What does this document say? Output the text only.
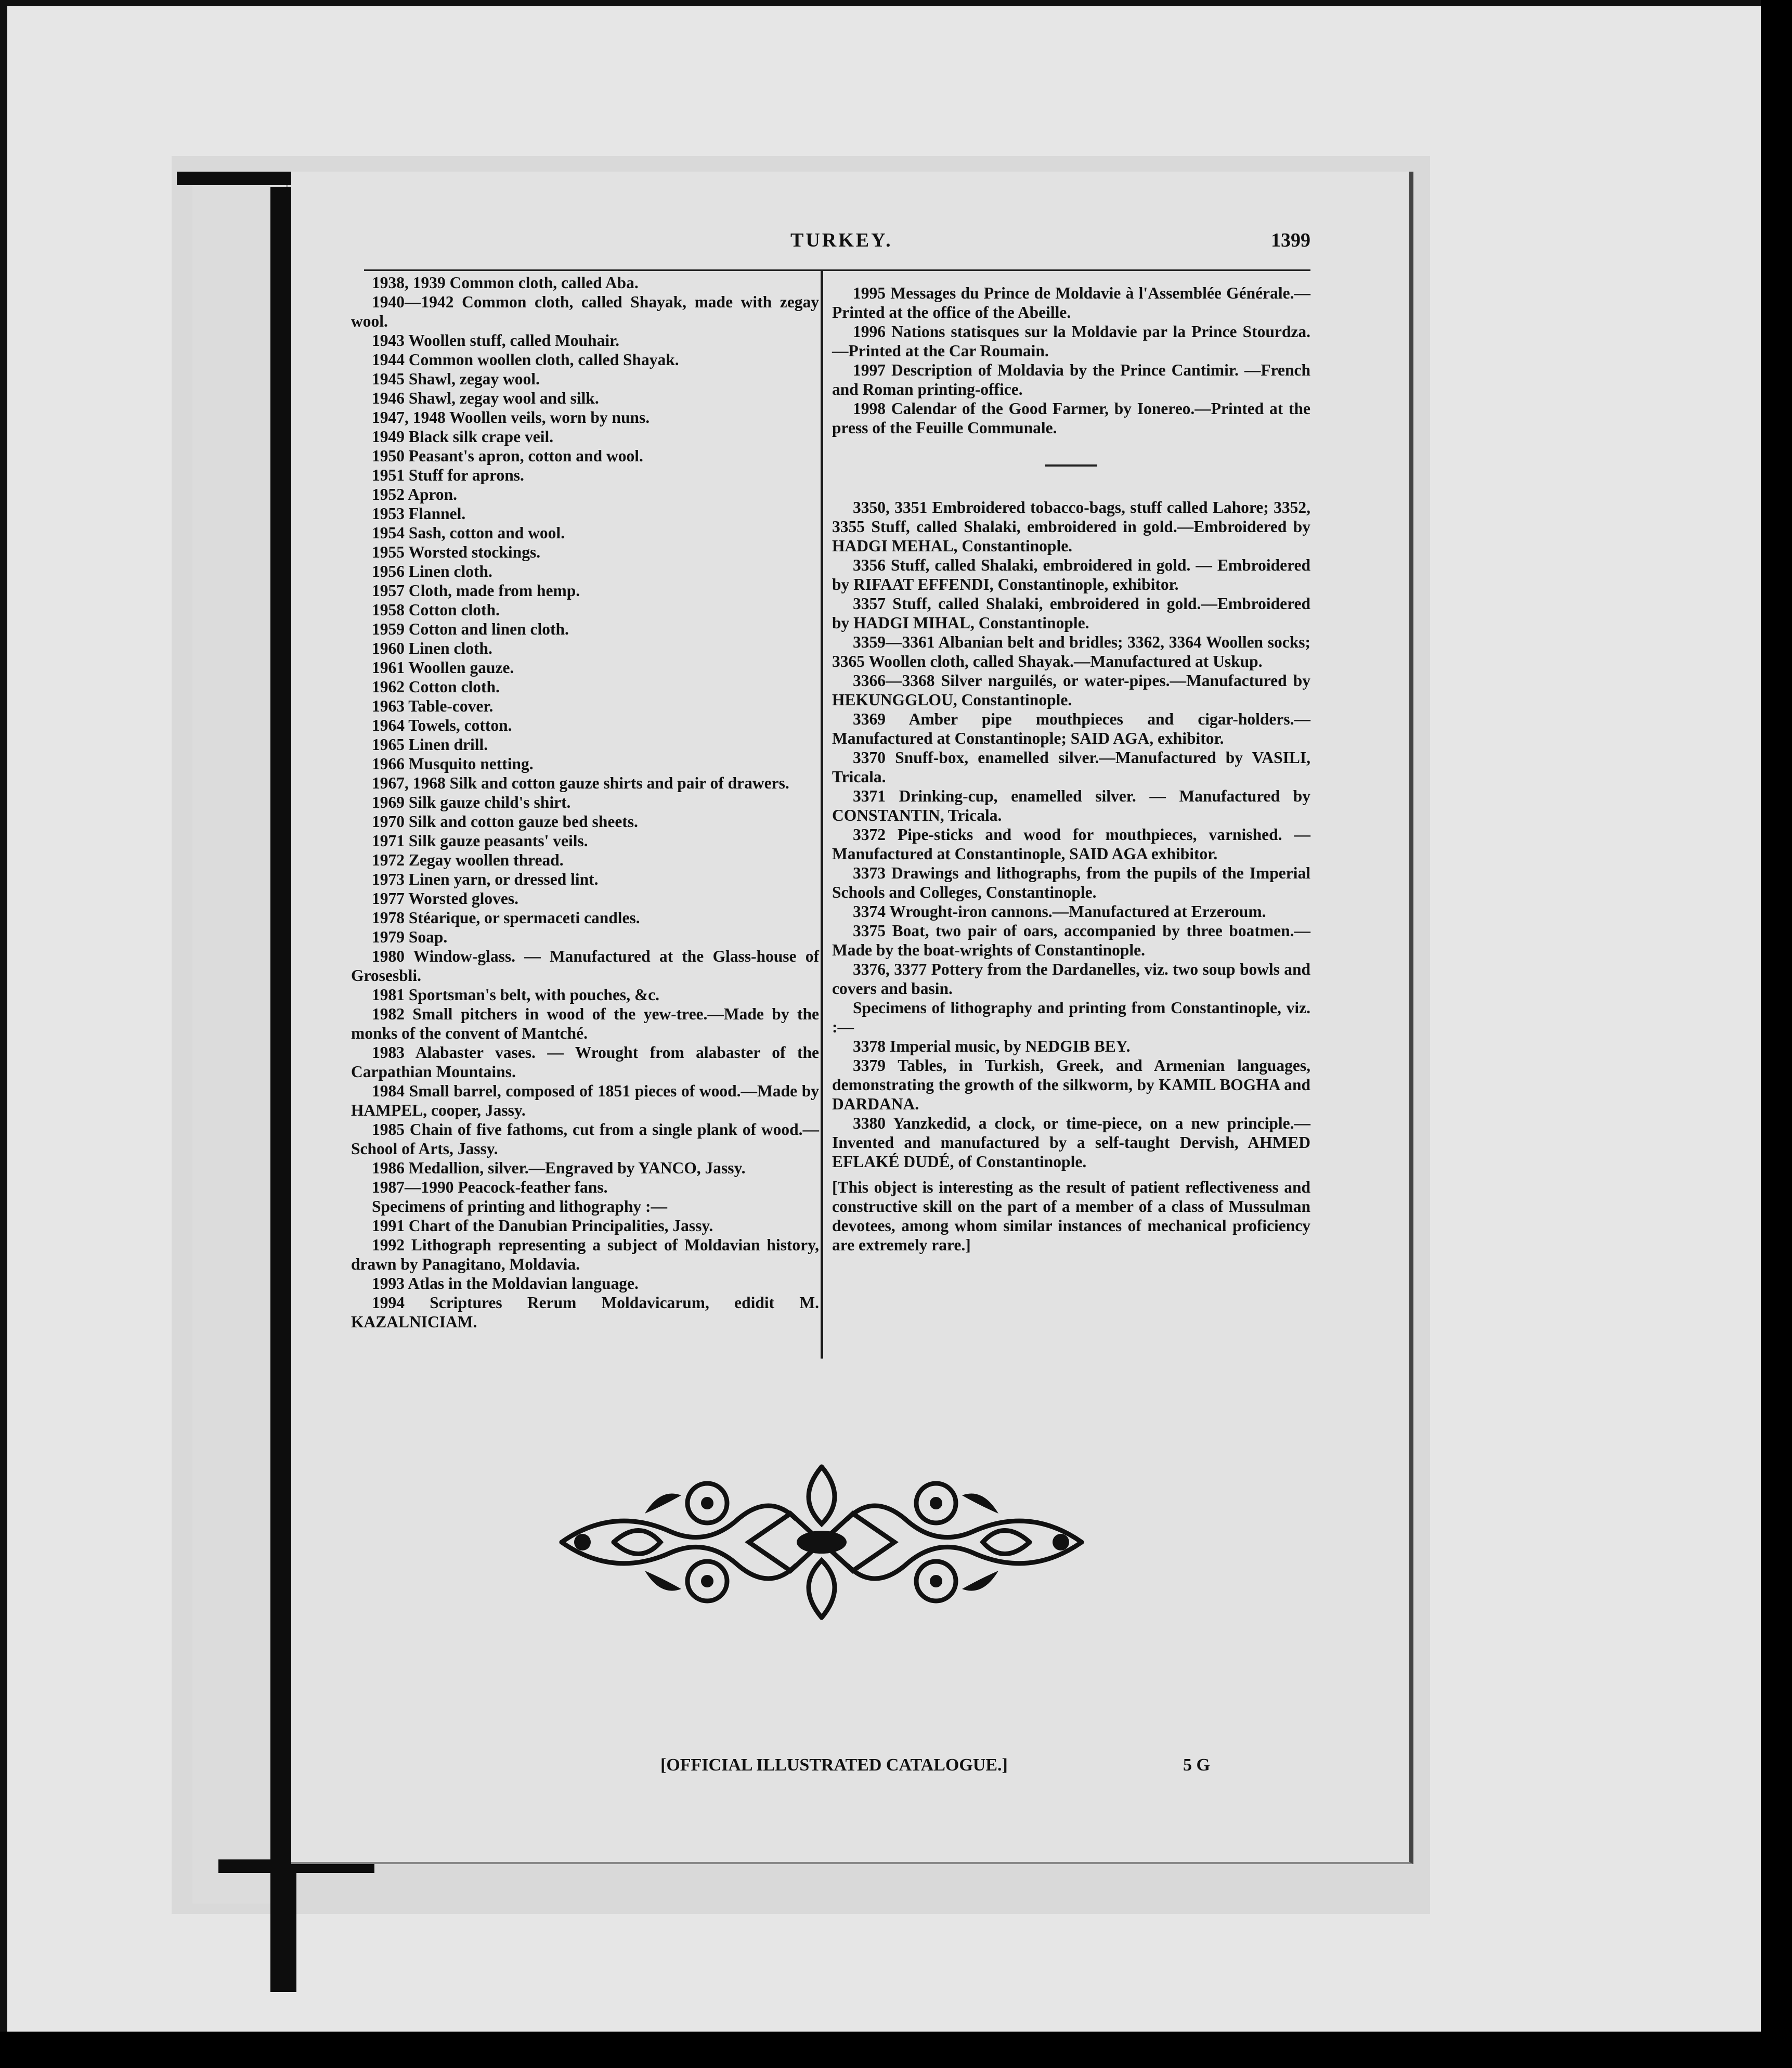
TURKEY.	1399

1938, 1939 Common cloth, called Aba.

1940—1942 Common cloth, called Shayak, made with zegay wool.

1943 Woollen stuff, called Mouhair.

1944 Common woollen cloth, called Shayak.

1945 Shawl, zegay wool.

1946 Shawl, zegay wool and silk.

1947, 1948 Woollen veils, worn by nuns.

1949 Black silk crape veil.

1950 Peasant's apron, cotton and wool.

1951 Stuff for aprons.

1952 Apron.

1953 Flannel.

1954 Sash, cotton and wool.

1955 Worsted stockings.

1956 Linen cloth.

1957 Cloth, made from hemp.

1958 Cotton cloth.

1959 Cotton and linen cloth.

1960 Linen cloth.

1961 Woollen gauze.

1962 Cotton cloth.

1963 Table-cover.

1964 Towels, cotton.

1965 Linen drill.

1966 Musquito netting.

1967, 1968 Silk and cotton gauze shirts and pair of drawers.

1969 Silk gauze child's shirt.

1970 Silk and cotton gauze bed sheets.

1971 Silk gauze peasants' veils.

1972 Zegay woollen thread.

1973 Linen yarn, or dressed lint.

1977 Worsted gloves.

1978 Stéarique, or spermaceti candles.

1979 Soap.

1980 Window-glass. — Manufactured at the Glass-house of Grosesbli.

1981 Sportsman's belt, with pouches, &c.

1982 Small pitchers in wood of the yew-tree.—Made by the monks of the convent of Mantché.

1983 Alabaster vases. — Wrought from alabaster of the Carpathian Mountains.

1984 Small barrel, composed of 1851 pieces of wood.—Made by HAMPEL, cooper, Jassy.

1985 Chain of five fathoms, cut from a single plank of wood.—School of Arts, Jassy.

1986 Medallion, silver.—Engraved by YANCO, Jassy.

1987—1990 Peacock-feather fans.

Specimens of printing and lithography :—

1991 Chart of the Danubian Principalities, Jassy.

1992 Lithograph representing a subject of Moldavian history, drawn by Panagitano, Moldavia.

1993 Atlas in the Moldavian language.

1994 Scriptures Rerum Moldavicarum, edidit M. KAZALNICIAM.

1995 Messages du Prince de Moldavie à l'Assemblée Générale.—Printed at the office of the Abeille.

1996 Nations statisques sur la Moldavie par la Prince Stourdza.—Printed at the Car Roumain.

1997 Description of Moldavia by the Prince Cantimir. —French and Roman printing-office.

1998 Calendar of the Good Farmer, by Ionereo.—Printed at the press of the Feuille Communale.

3350, 3351 Embroidered tobacco-bags, stuff called Lahore; 3352, 3355 Stuff, called Shalaki, embroidered in gold.—Embroidered by HADGI MEHAL, Constantinople.

3356 Stuff, called Shalaki, embroidered in gold. — Embroidered by RIFAAT EFFENDI, Constantinople, exhibitor.

3357 Stuff, called Shalaki, embroidered in gold.—Embroidered by HADGI MIHAL, Constantinople.

3359—3361 Albanian belt and bridles; 3362, 3364 Woollen socks; 3365 Woollen cloth, called Shayak.—Manufactured at Uskup.

3366—3368 Silver narguilés, or water-pipes.—Manufactured by HEKUNGGLOU, Constantinople.

3369 Amber pipe mouthpieces and cigar-holders.—Manufactured at Constantinople; SAID AGA, exhibitor.

3370 Snuff-box, enamelled silver.—Manufactured by VASILI, Tricala.

3371 Drinking-cup, enamelled silver. — Manufactured by CONSTANTIN, Tricala.

3372 Pipe-sticks and wood for mouthpieces, varnished. — Manufactured at Constantinople, SAID AGA exhibitor.

3373 Drawings and lithographs, from the pupils of the Imperial Schools and Colleges, Constantinople.

3374 Wrought-iron cannons.—Manufactured at Erzeroum.

3375 Boat, two pair of oars, accompanied by three boatmen.—Made by the boat-wrights of Constantinople.

3376, 3377 Pottery from the Dardanelles, viz. two soup bowls and covers and basin.

Specimens of lithography and printing from Constantinople, viz. :—

3378 Imperial music, by NEDGIB BEY.

3379 Tables, in Turkish, Greek, and Armenian languages, demonstrating the growth of the silkworm, by KAMIL BOGHA and DARDANA.

3380 Yanzkedid, a clock, or time-piece, on a new principle.—Invented and manufactured by a self-taught Dervish, AHMED EFLAKÉ DUDÉ, of Constantinople.

[This object is interesting as the result of patient reflectiveness and constructive skill on the part of a member of a class of Mussulman devotees, among whom similar instances of mechanical proficiency are extremely rare.]

[OFFICIAL ILLUSTRATED CATALOGUE.]	5 G
